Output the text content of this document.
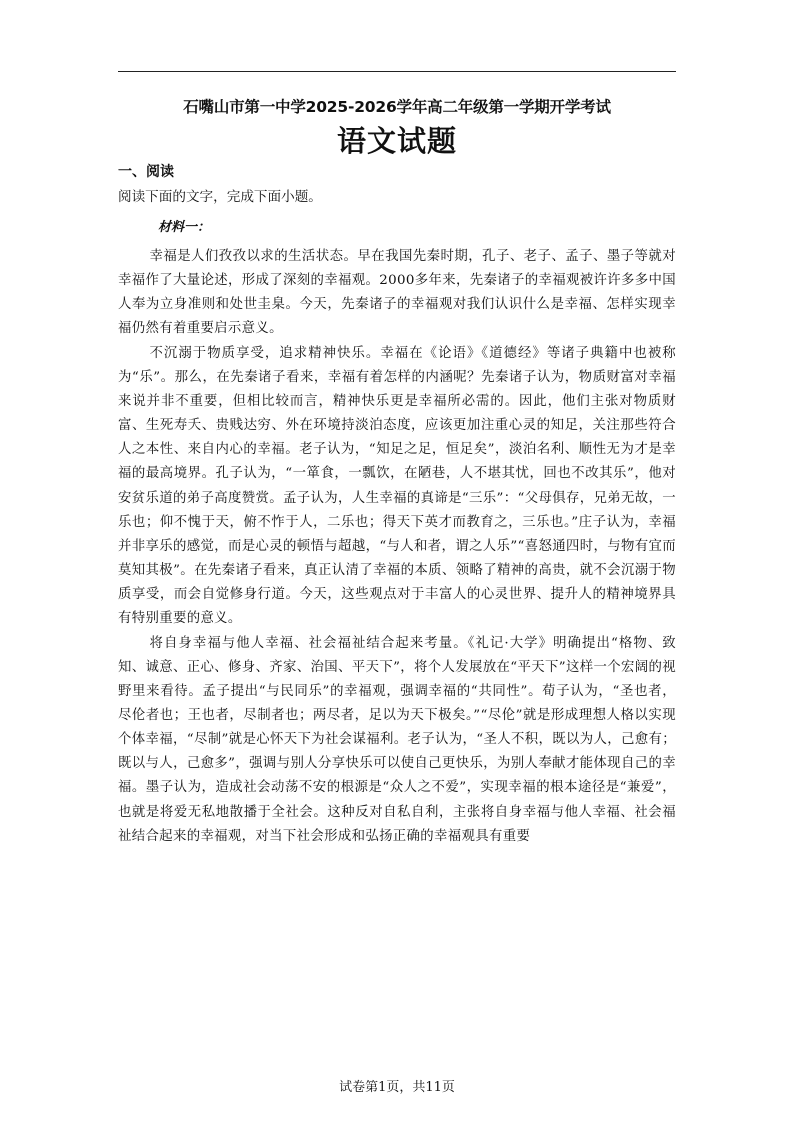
石嘴山市第一中学2025-2026学年高二年级第一学期开学考试
语文试题
一、阅读
阅读下面的文字，完成下面小题。
材料一：

幸福是人们孜孜以求的生活状态。早在我国先秦时期，孔子、老子、孟子、墨子等就对幸福作了大量论述，形成了深刻的幸福观。2000多年来，先秦诸子的幸福观被许许多多中国人奉为立身准则和处世圭臬。今天，先秦诸子的幸福观对我们认识什么是幸福、怎样实现幸福仍然有着重要启示意义。

不沉溺于物质享受，追求精神快乐。幸福在《论语》《道德经》等诸子典籍中也被称为“乐”。那么，在先秦诸子看来，幸福有着怎样的内涵呢？先秦诸子认为，物质财富对幸福来说并非不重要，但相比较而言，精神快乐更是幸福所必需的。因此，他们主张对物质财富、生死寿夭、贵贱达穷、外在环境持淡泊态度，应该更加注重心灵的知足，关注那些符合人之本性、来自内心的幸福。老子认为，“知足之足，恒足矣”，淡泊名利、顺性无为才是幸福的最高境界。孔子认为，“一箪食，一瓢饮，在陋巷，人不堪其忧，回也不改其乐”，他对安贫乐道的弟子高度赞赏。孟子认为，人生幸福的真谛是“三乐”：“父母俱存，兄弟无故，一乐也；仰不愧于天，俯不怍于人，二乐也；得天下英才而教育之，三乐也。”庄子认为，幸福并非享乐的感觉，而是心灵的顿悟与超越，“与人和者，谓之人乐”“喜怒通四时，与物有宜而莫知其极”。在先秦诸子看来，真正认清了幸福的本质、领略了精神的高贵，就不会沉溺于物质享受，而会自觉修身行道。今天，这些观点对于丰富人的心灵世界、提升人的精神境界具有特别重要的意义。

将自身幸福与他人幸福、社会福祉结合起来考量。《礼记·大学》明确提出“格物、致知、诚意、正心、修身、齐家、治国、平天下”，将个人发展放在“平天下”这样一个宏阔的视野里来看待。孟子提出“与民同乐”的幸福观，强调幸福的“共同性”。荀子认为，“圣也者，尽伦者也；王也者，尽制者也；两尽者，足以为天下极矣。”“尽伦”就是形成理想人格以实现个体幸福，“尽制”就是心怀天下为社会谋福利。老子认为，“圣人不积，既以为人，己愈有；既以与人，己愈多”，强调与别人分享快乐可以使自己更快乐，为别人奉献才能体现自己的幸福。墨子认为，造成社会动荡不安的根源是“众人之不爱”，实现幸福的根本途径是“兼爱”，也就是将爱无私地散播于全社会。这种反对自私自利，主张将自身幸福与他人幸福、社会福祉结合起来的幸福观，对当下社会形成和弘扬正确的幸福观具有重要

试卷第1页，共11页
